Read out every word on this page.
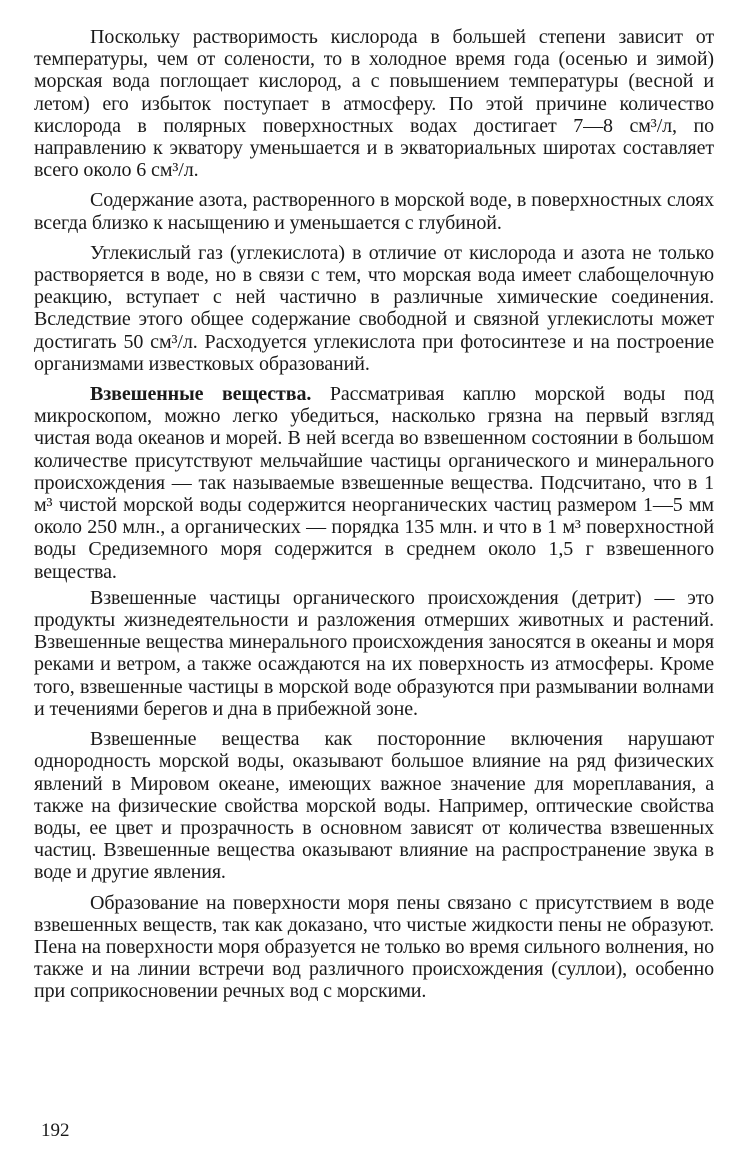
Поскольку растворимость кислорода в большей степени зависит от температуры, чем от солености, то в холодное время года (осенью и зимой) морская вода поглощает кислород, а с повышением температуры (весной и летом) его избыток поступает в атмосферу. По этой причине количество кислорода в полярных поверхностных водах достигает 7—8 см³/л, по направлению к экватору уменьшается и в экваториальных широтах составляет всего около 6 см³/л.

Содержание азота, растворенного в морской воде, в поверхностных слоях всегда близко к насыщению и уменьшается с глубиной.

Углекислый газ (углекислота) в отличие от кислорода и азота не только растворяется в воде, но в связи с тем, что морская вода имеет слабощелочную реакцию, вступает с ней частично в различные химические соединения. Вследствие этого общее содержание свободной и связной углекислоты может достигать 50 см³/л. Расходуется углекислота при фотосинтезе и на построение организмами известковых образований.

Взвешенные вещества. Рассматривая каплю морской воды под микроскопом, можно легко убедиться, насколько грязна на первый взгляд чистая вода океанов и морей. В ней всегда во взвешенном состоянии в большом количестве присутствуют мельчайшие частицы органического и минерального происхождения — так называемые взвешенные вещества. Подсчитано, что в 1 м³ чистой морской воды содержится неорганических частиц размером 1—5 мм около 250 млн., а органических — порядка 135 млн. и что в 1 м³ поверхностной воды Средиземного моря содержится в среднем около 1,5 г взвешенного вещества.

Взвешенные частицы органического происхождения (детрит) — это продукты жизнедеятельности и разложения отмерших животных и растений. Взвешенные вещества минерального происхождения заносятся в океаны и моря реками и ветром, а также осаждаются на их поверхность из атмосферы. Кроме того, взвешенные частицы в морской воде образуются при размывании волнами и течениями берегов и дна в прибежной зоне.

Взвешенные вещества как посторонние включения нарушают однородность морской воды, оказывают большое влияние на ряд физических явлений в Мировом океане, имеющих важное значение для мореплавания, а также на физические свойства морской воды. Например, оптические свойства воды, ее цвет и прозрачность в основном зависят от количества взвешенных частиц. Взвешенные вещества оказывают влияние на распространение звука в воде и другие явления.

Образование на поверхности моря пены связано с присутствием в воде взвешенных веществ, так как доказано, что чистые жидкости пены не образуют. Пена на поверхности моря образуется не только во время сильного волнения, но также и на линии встречи вод различного происхождения (суллои), особенно при соприкосновении речных вод с морскими.

192
